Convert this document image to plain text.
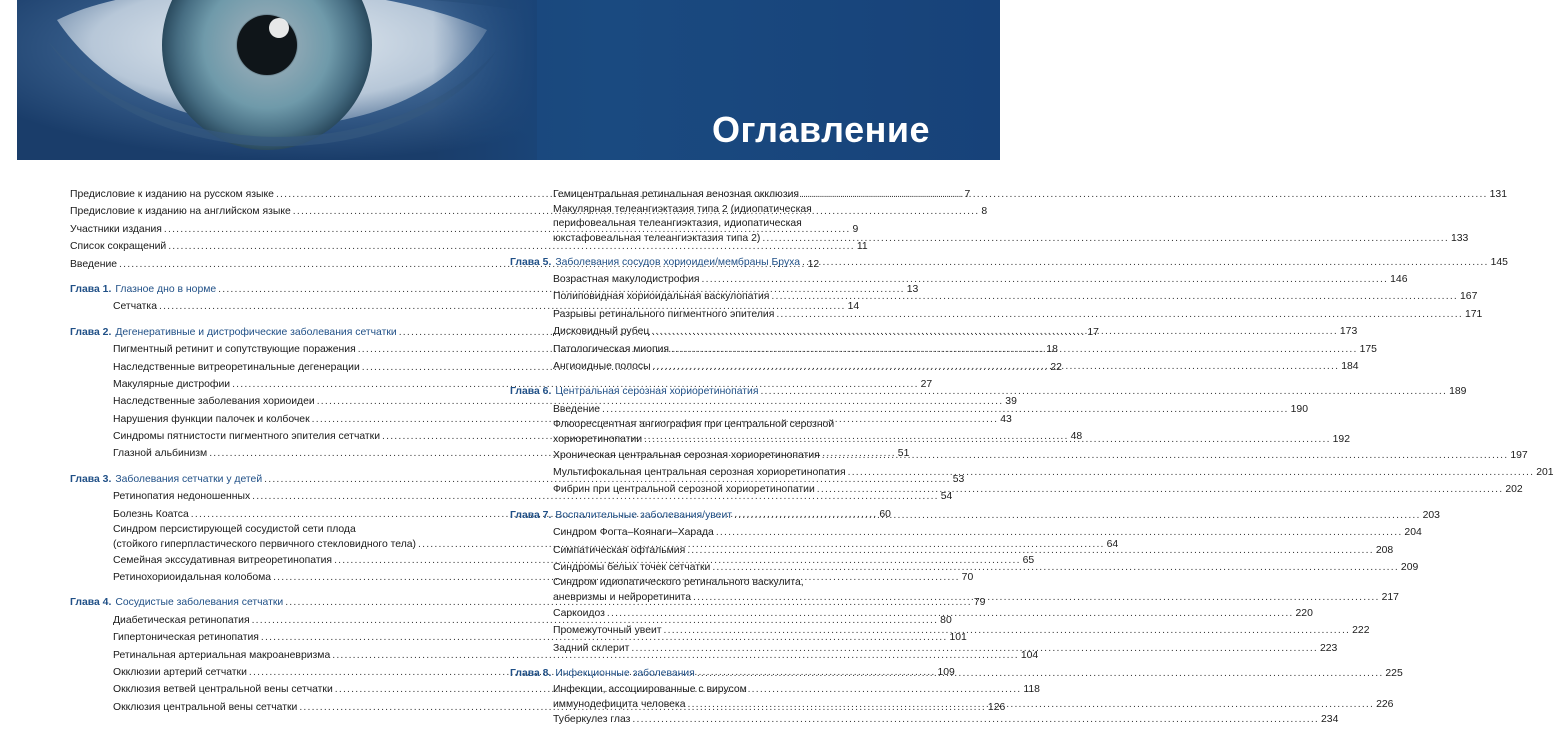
Оглавление
Предисловие к изданию на русском языке .....	7
Предисловие к изданию на английском языке .....	8
Участники издания .....	9
Список сокращений .....	11
Введение .....	12
Глава 1. Глазное дно в норме .....	13
Сетчатка .....	14
Глава 2. Дегенеративные и дистрофические заболевания сетчатки .....	17
Пигментный ретинит и сопутствующие поражения .....	18
Наследственные витреоретинальные дегенерации .....	22
Макулярные дистрофии .....	27
Наследственные заболевания хориоидеи .....	39
Нарушения функции палочек и колбочек .....	43
Синдромы пятнистости пигментного эпителия сетчатки .....	48
Глазной альбинизм .....	51
Глава 3. Заболевания сетчатки у детей .....	53
Ретинопатия недоношенных .....	54
Болезнь Коатса .....	60
Синдром персистирующей сосудистой сети плода
(стойкого гиперпластического первичного стекловидного тела) .....	64
Семейная экссудативная витреоретинопатия .....	65
Ретинохориоидальная колобома .....	70
Глава 4. Сосудистые заболевания сетчатки .....	79
Диабетическая ретинопатия .....	80
Гипертоническая ретинопатия .....	101
Ретинальная артериальная макроаневризма .....	104
Окклюзии артерий сетчатки .....	109
Окклюзия ветвей центральной вены сетчатки .....	118
Окклюзия центральной вены сетчатки .....	126
Гемицентральная ретинальная венозная окклюзия .....	131
Макулярная телеангиэктазия типа 2 (идиопатическая
перифовеальная телеангиэктазия, идиопатическая
юкстафовеальная телеангиэктазия типа 2) .....	133
Глава 5. Заболевания сосудов хориоидеи/мембраны Бруха .....	145
Возрастная макулодистрофия .....	146
Полиповидная хориоидальная васкулопатия .....	167
Разрывы ретинального пигментного эпителия .....	171
Дисковидный рубец .....	173
Патологическая миопия .....	175
Ангиоидные полосы .....	184
Глава 6. Центральная серозная хориоретинопатия .....	189
Введение .....	190
Флюоресцентная ангиография при центральной серозной
хориоретинопатии .....	192
Хроническая центральная серозная хориоретинопатия .....	197
Мультифокальная центральная серозная хориоретинопатия .....	201
Фибрин при центральной серозной хориоретинопатии .....	202
Глава 7. Воспалительные заболевания/увеит .....	203
Синдром Фогта–Коянаги–Харада .....	204
Симпатическая офтальмия .....	208
Синдромы белых точек сетчатки .....	209
Синдром идиопатического ретинального васкулита,
аневризмы и нейроретинита .....	217
Саркоидоз .....	220
Промежуточный увеит .....	222
Задний склерит .....	223
Глава 8. Инфекционные заболевания .....	225
Инфекции, ассоциированные с вирусом
иммунодефицита человека .....	226
Туберкулез глаз .....	234
